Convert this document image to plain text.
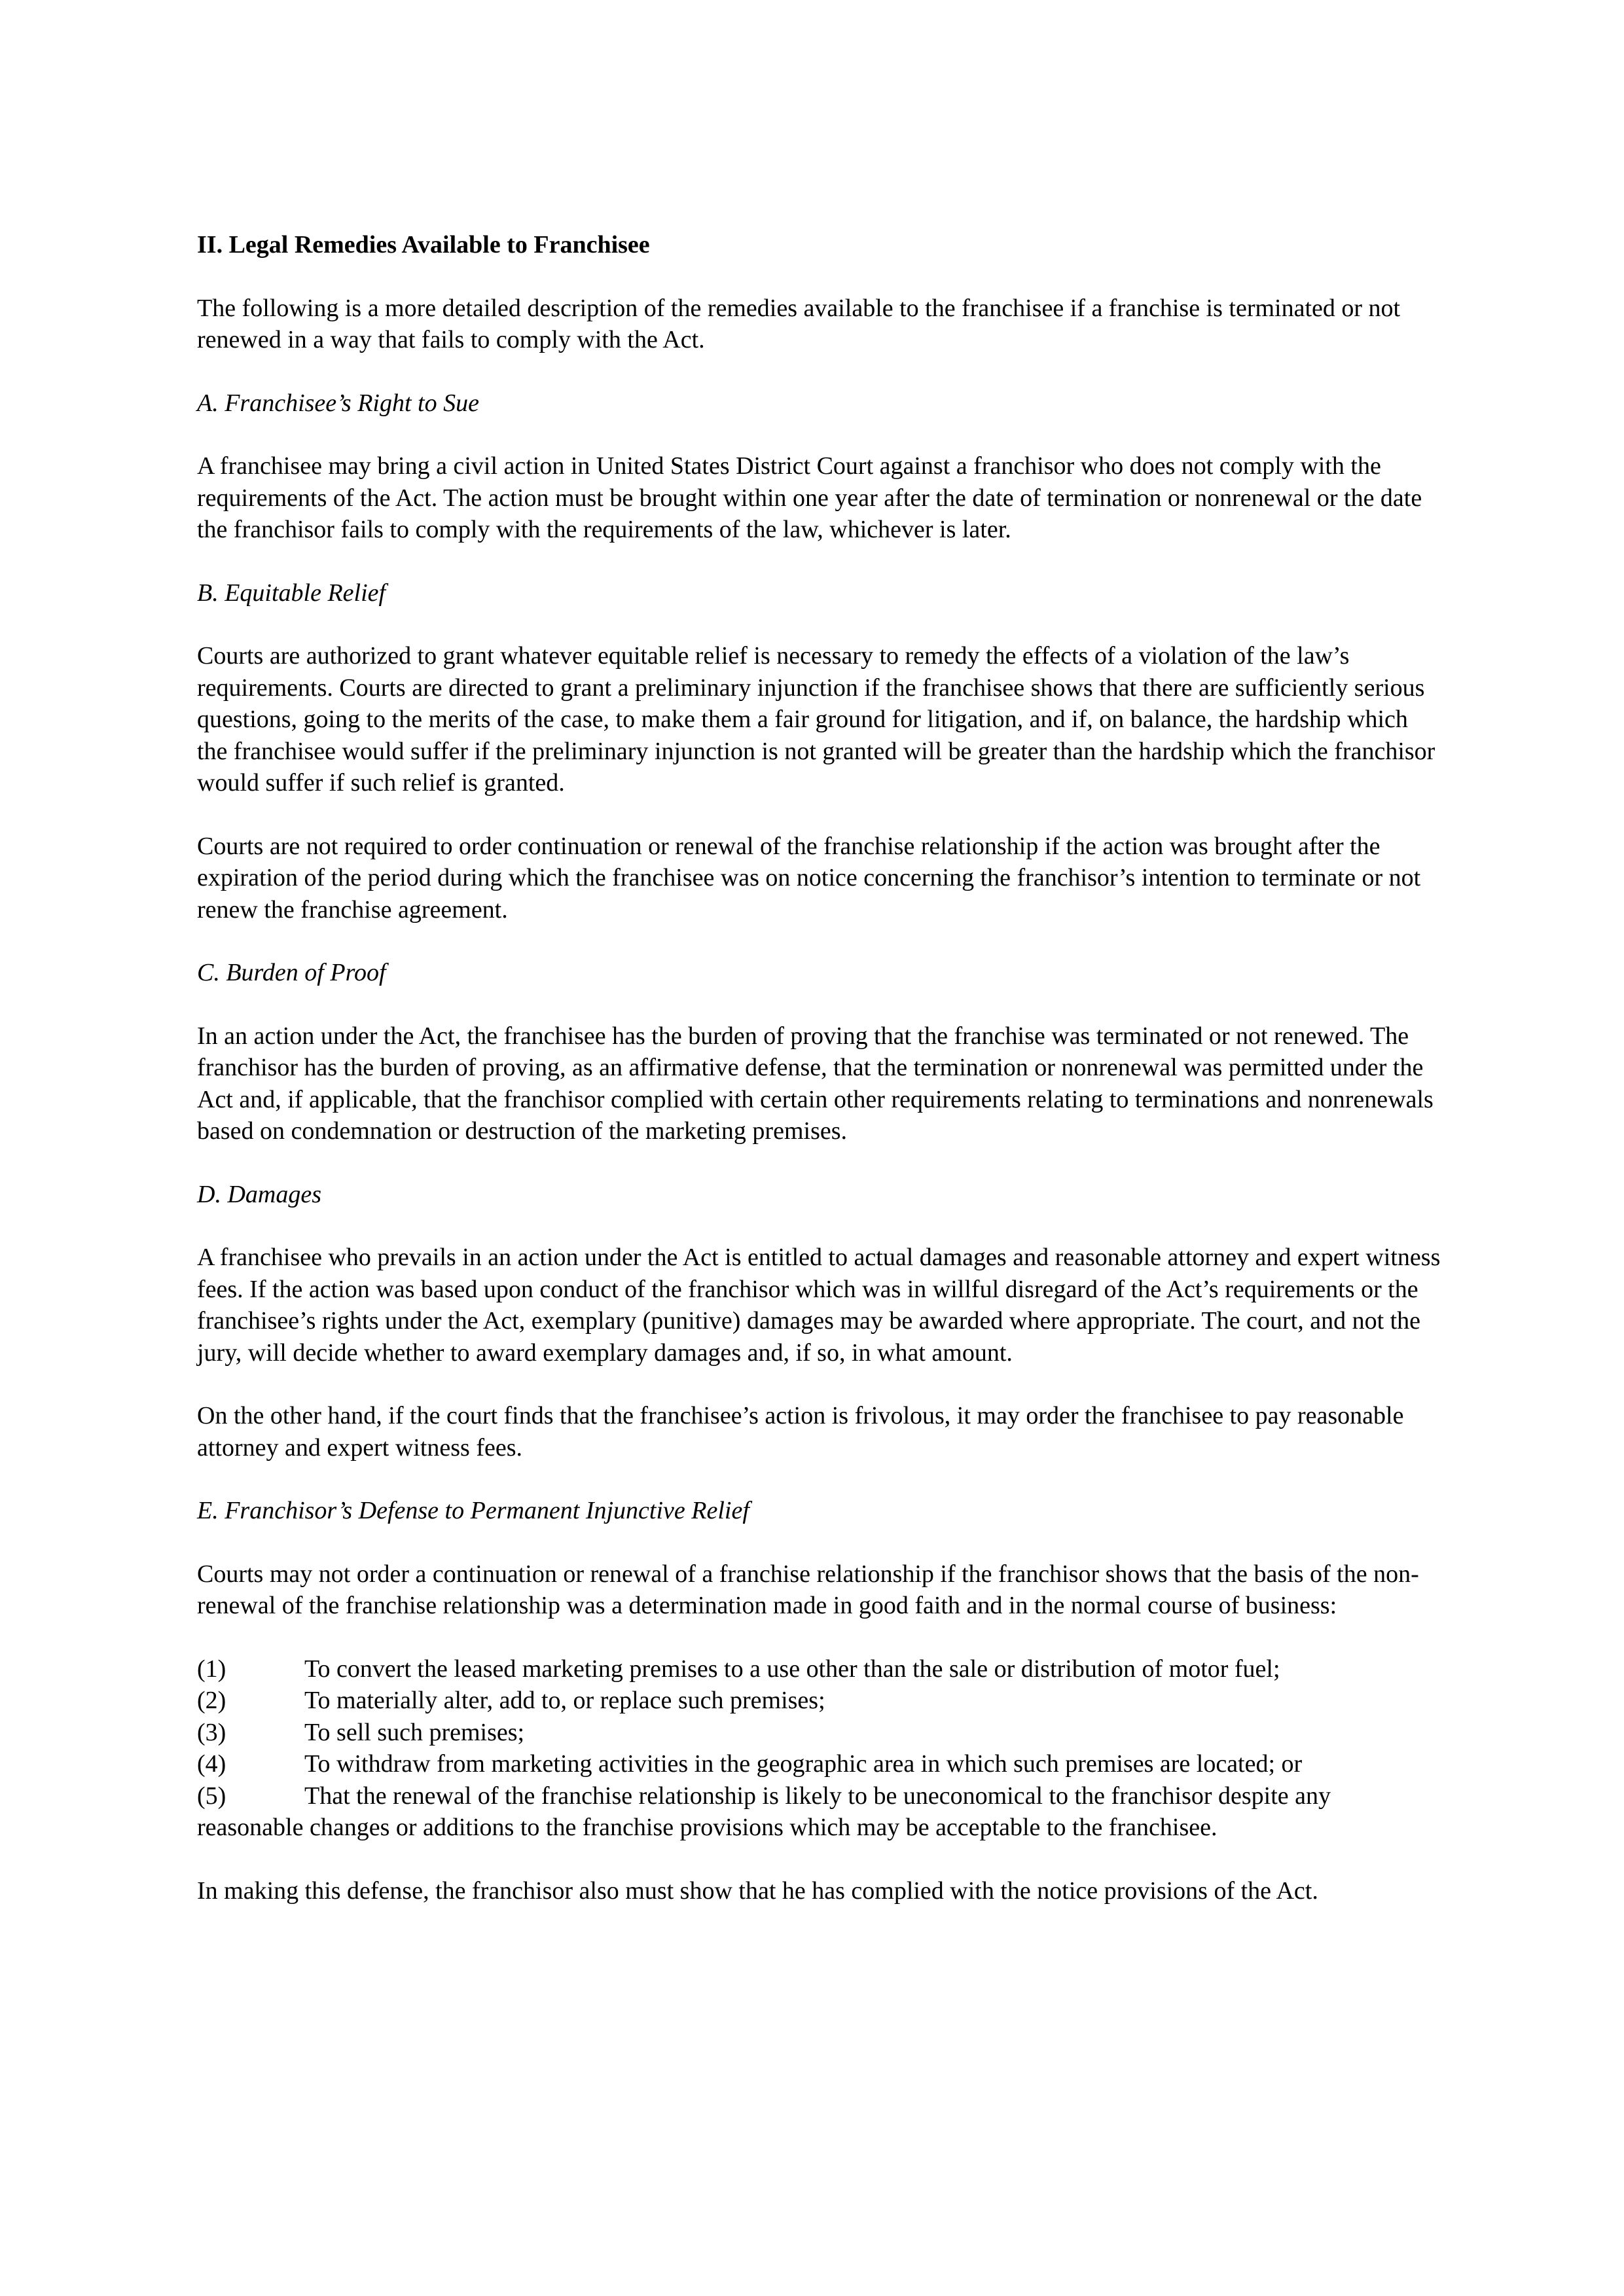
II. Legal Remedies Available to Franchisee
The following is a more detailed description of the remedies available to the franchisee if a franchise is terminated or not renewed in a way that fails to comply with the Act.
A. Franchisee’s Right to Sue
A franchisee may bring a civil action in United States District Court against a franchisor who does not comply with the requirements of the Act. The action must be brought within one year after the date of termination or nonrenewal or the date the franchisor fails to comply with the requirements of the law, whichever is later.
B. Equitable Relief
Courts are authorized to grant whatever equitable relief is necessary to remedy the effects of a violation of the law’s requirements. Courts are directed to grant a preliminary injunction if the franchisee shows that there are sufficiently serious questions, going to the merits of the case, to make them a fair ground for litigation, and if, on balance, the hardship which the franchisee would suffer if the preliminary injunction is not granted will be greater than the hardship which the franchisor would suffer if such relief is granted.
Courts are not required to order continuation or renewal of the franchise relationship if the action was brought after the expiration of the period during which the franchisee was on notice concerning the franchisor’s intention to terminate or not renew the franchise agreement.
C. Burden of Proof
In an action under the Act, the franchisee has the burden of proving that the franchise was terminated or not renewed. The franchisor has the burden of proving, as an affirmative defense, that the termination or nonrenewal was permitted under the Act and, if applicable, that the franchisor complied with certain other requirements relating to terminations and nonrenewals based on condemnation or destruction of the marketing premises.
D. Damages
A franchisee who prevails in an action under the Act is entitled to actual damages and reasonable attorney and expert witness fees. If the action was based upon conduct of the franchisor which was in willful disregard of the Act’s requirements or the franchisee’s rights under the Act, exemplary (punitive) damages may be awarded where appropriate. The court, and not the jury, will decide whether to award exemplary damages and, if so, in what amount.
On the other hand, if the court finds that the franchisee’s action is frivolous, it may order the franchisee to pay reasonable attorney and expert witness fees.
E. Franchisor’s Defense to Permanent Injunctive Relief
Courts may not order a continuation or renewal of a franchise relationship if the franchisor shows that the basis of the non-renewal of the franchise relationship was a determination made in good faith and in the normal course of business:
(1)	To convert the leased marketing premises to a use other than the sale or distribution of motor fuel;
(2)	To materially alter, add to, or replace such premises;
(3)	To sell such premises;
(4)	To withdraw from marketing activities in the geographic area in which such premises are located; or
(5)	That the renewal of the franchise relationship is likely to be uneconomical to the franchisor despite any reasonable changes or additions to the franchise provisions which may be acceptable to the franchisee.
In making this defense, the franchisor also must show that he has complied with the notice provisions of the Act.
